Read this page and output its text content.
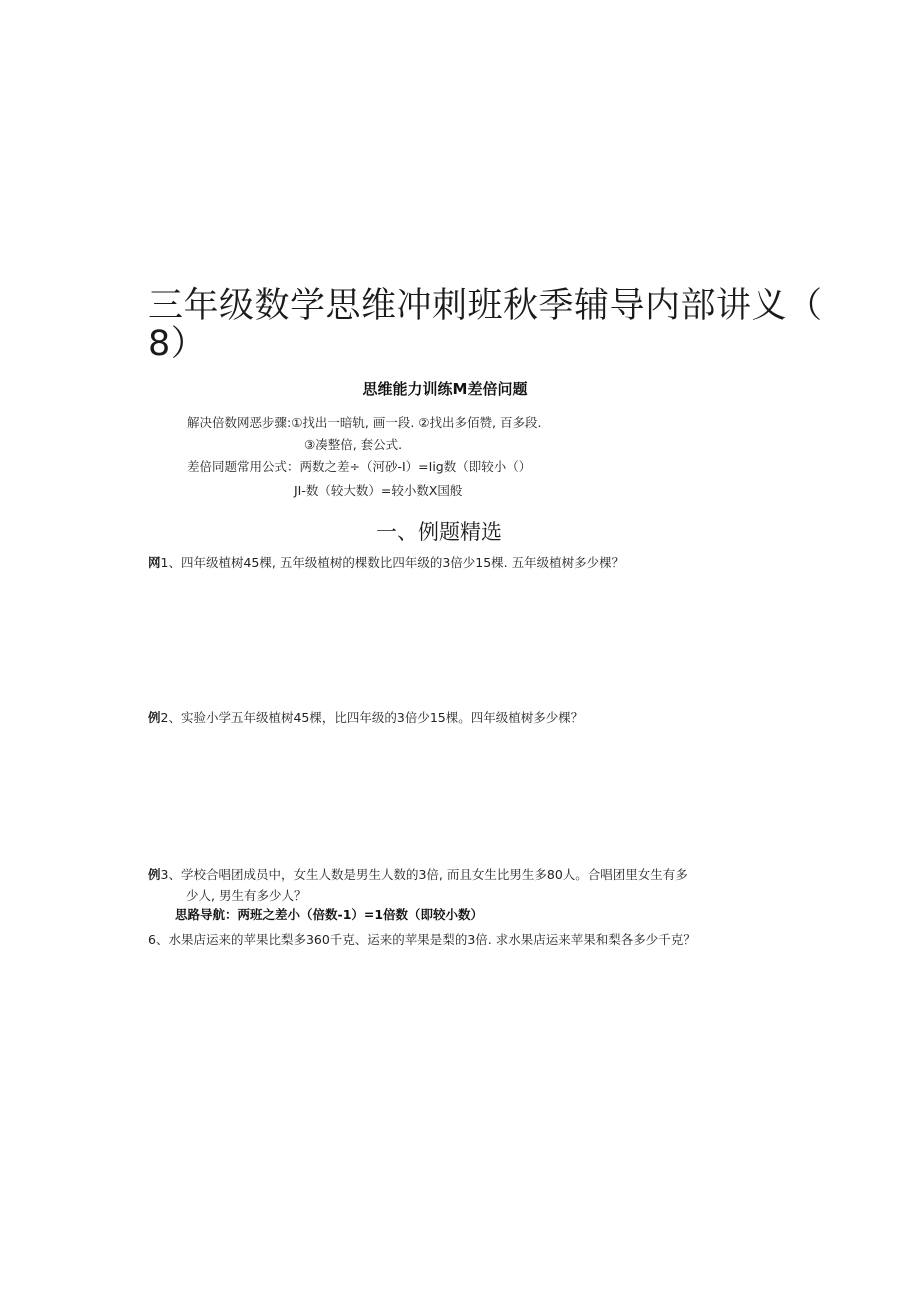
三年级数学思维冲刺班秋季辅导内部讲义（
8）
思维能力训练M差倍问题
解决倍数网恶步骤:①找出一暗轨, 画一段. ②找出多佰赞, 百多段.
③凑整倍, 套公式.
差倍同题常用公式：两数之差÷（河砂-I）=Iig数（即较小（）
JI-数（较大数）=较小数X国般
一、例题精选
网1、四年级植树45棵, 五年级植树的棵数比四年级的3倍少15棵. 五年级植树多少棵？
例2、实验小学五年级植树45棵，比四年级的3倍少15棵。四年级植树多少棵？
例3、学校合唱团成员中，女生人数是男生人数的3倍, 而且女生比男生多80人。合唱团里女生有多
少人, 男生有多少人？
思路导航：两班之差小（倍数-1）=1倍数（即较小数）
6、水果店运来的苹果比梨多360千克、运来的苹果是梨的3倍. 求水果店运来苹果和梨各多少千克？
